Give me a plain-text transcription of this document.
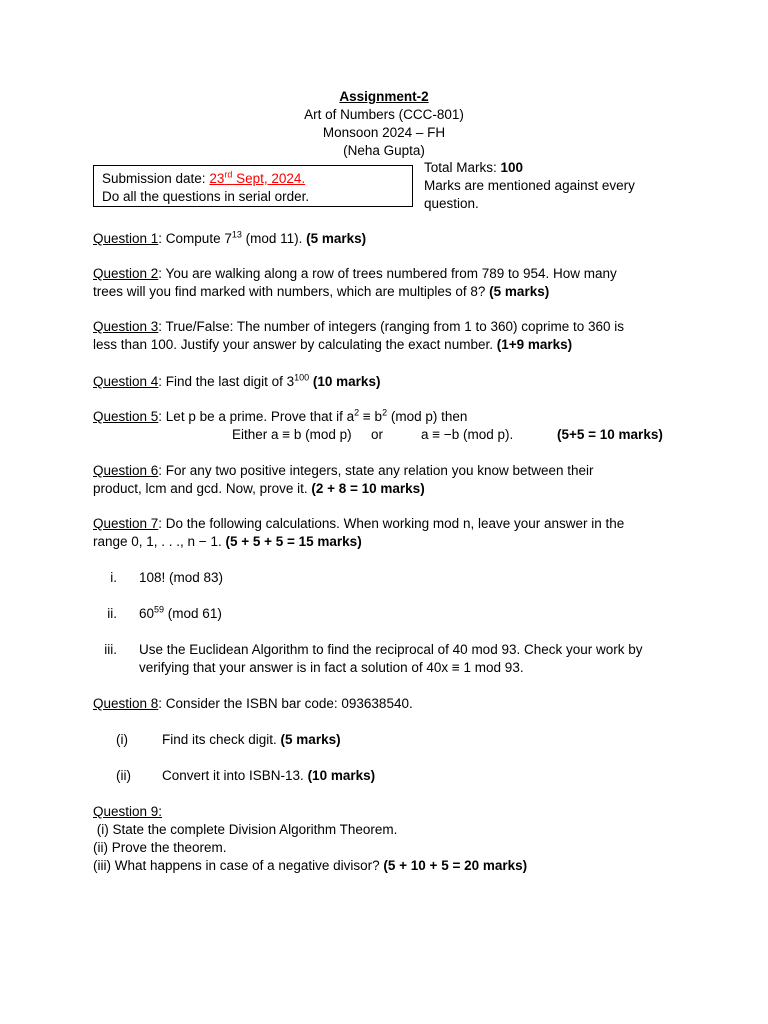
Assignment-2
Art of Numbers (CCC-801)
Monsoon 2024 – FH
(Neha Gupta)
Submission date: 23rd Sept, 2024.
Do all the questions in serial order.
Total Marks: 100
Marks are mentioned against every
question.
Question 1: Compute $7^{13}$ (mod 11). (5 marks)
Question 2: You are walking along a row of trees numbered from 789 to 954. How many
trees will you find marked with numbers, which are multiples of 8? (5 marks)
Question 3: True/False: The number of integers (ranging from 1 to 360) coprime to 360 is
less than 100. Justify your answer by calculating the exact number. (1+9 marks)
Question 4: Find the last digit of $3^{100}$ (10 marks)
Question 5: Let p be a prime. Prove that if $a^2 \equiv b^2$ (mod p) then
Either a ≡ b (mod p) or	a ≡ −b (mod p).	(5+5 = 10 marks)
Question 6: For any two positive integers, state any relation you know between their
product, lcm and gcd. Now, prove it. (2 + 8 = 10 marks)
Question 7: Do the following calculations. When working mod n, leave your answer in the
range 0, 1, . . ., n − 1. (5 + 5 + 5 = 15 marks)
i. 108! (mod 83)
ii. $60^{59}$ (mod 61)
iii. Use the Euclidean Algorithm to find the reciprocal of 40 mod 93. Check your work by
verifying that your answer is in fact a solution of 40x ≡ 1 mod 93.
Question 8: Consider the ISBN bar code: 093638540.
(i)	Find its check digit. (5 marks)
(ii) Convert it into ISBN-13. (10 marks)
Question 9:
(i) State the complete Division Algorithm Theorem.
(ii) Prove the theorem.
(iii) What happens in case of a negative divisor? (5 + 10 + 5 = 20 marks)
